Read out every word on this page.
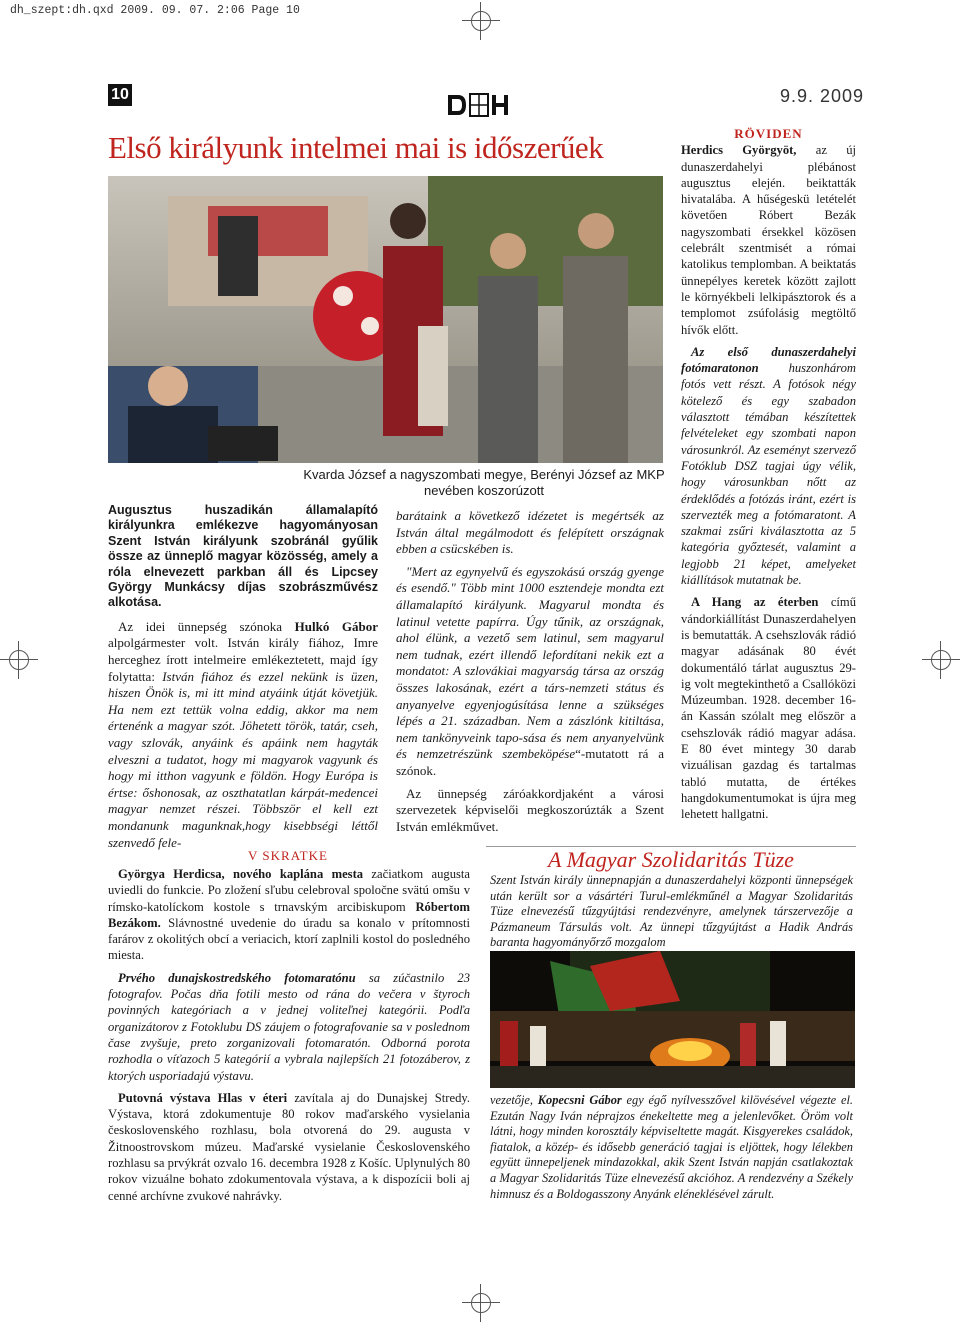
dh_szept:dh.qxd 2009. 09. 07. 2:06 Page 10
10	9.9. 2009
Első királyunk intelmei mai is időszerűek
Kvarda József a nagyszombati megye, Berényi József az MKP nevében koszorúzott
Augusztus huszadikán államalapító királyunkra emlékezve hagyományosan Szent István királyunk szobránál gyűlik össze az ünneplő magyar közösség, amely a róla elnevezett parkban áll és Lipcsey György Munkácsy díjas szobrászművész alkotása.

Az idei ünnepség szónoka Hulkó Gábor alpolgármester volt. István király fiához, Imre herceghez írott intelmeire emlékeztetett, majd így folytatta: István fiához és ezzel nekünk is üzen, hiszen Önök is, mi itt mind atyáink útját követjük. Ha nem ezt tettük volna eddig, akkor ma nem értenénk a magyar szót. Jöhetett török, tatár, cseh, vagy szlovák, anyáink és apáink nem hagyták elveszni a tudatot, hogy mi magyarok vagyunk és hogy mi itthon vagyunk e földön. Hogy Európa is értse: őshonosak, az oszthatatlan kárpát-medencei magyar nemzet részei. Többször el kell ezt mondanunk magunknak,hogy kisebbségi léttől szenvedő fele-

barátaink a következő idézetet is megértsék az István által megálmodott és felépített országnak ebben a csücskében is.

"Mert az egynyelvű és egyszokású ország gyenge és esendő." Több mint 1000 esztendeje mondta ezt államalapító királyunk. Magyarul mondta és latinul vetette papírra. Úgy tűnik, az országnak, ahol élünk, a vezető sem latinul, sem magyarul nem tudnak, ezért illendő lefordítani nekik ezt a mondatot: A szlovákiai magyarság társa az ország összes lakosának, ezért a társ-nemzeti státus és anyanyelve egyenjogúsítása lenne a szükséges lépés a 21. században. Nem a zászlónk kitiltása, nem tankönyveink tapo-sása és nem anyanyelvünk és nemzetrészünk szembeköpése“-mutatott rá a szónok.

Az ünnepség záróakkordjaként a városi szervezetek képviselői megkoszorúzták a Szent István emlékművet.

RÖVIDEN

Herdics Györgyöt, az új dunaszerdahelyi plébánost augusztus elején. beiktatták hivatalába. A hűségeskü letételét követően Róbert Bezák nagyszombati érsekkel közösen celebrált szentmisét a római katolikus templomban. A beiktatás ünnepélyes keretek között zajlott le környékbeli lelkipásztorok és a templomot zsúfolásig megtöltő hívők előtt.

Az első dunaszerdahelyi fotómaratonon huszonhárom fotós vett részt. A fotósok négy kötelező és egy szabadon választott témában készítettek felvételeket egy szombati napon városunkról. Az eseményt szervező Fotóklub DSZ tagjai úgy vélik, hogy városunkban nőtt az érdeklődés a fotózás iránt, ezért is szervezték meg a fotómaratont. A szakmai zsűri kiválasztotta az 5 kategória győztesét, valamint a legjobb 21 képet, amelyeket kiállítások mutatnak be.

A Hang az éterben című vándorkiállítást Dunaszerdahelyen is bemutatták. A csehszlovák rádió magyar adásának 80 évét dokumentáló tárlat augusztus 29-ig volt megtekinthető a Csallóközi Múzeumban. 1928. december 16-án Kassán szólalt meg először a csehszlovák rádió magyar adása. E 80 évet mintegy 30 darab vizuálisan gazdag és tartalmas tabló mutatta, de értékes hangdokumentumokat is újra meg lehetett hallgatni.

V SKRATKE

Györgya Herdicsa, nového kaplána mesta začiatkom augusta uviedli do funkcie. Po zložení sľubu celebroval spoločne svätú omšu v rímsko-katolíckom kostole s trnavským arcibiskupom Róbertom Bezákom. Slávnostné uvedenie do úradu sa konalo v prítomnosti farárov z okolitých obcí a veriacich, ktorí zaplnili kostol do posledného miesta.

Prvého dunajskostredského fotomaratónu sa zúčastnilo 23 fotografov. Počas dňa fotili mesto od rána do večera v štyroch povinných kategóriach a v jednej voliteľnej kategórii. Podľa organizátorov z Fotoklubu DS záujem o fotografovanie sa v poslednom čase zvyšuje, preto zorganizovali fotomaratón. Odborná porota rozhodla o víťazoch 5 kategórií a vybrala najlepších 21 fotozáberov, z ktorých usporiadajú výstavu.

Putovná výstava Hlas v éteri zavítala aj do Dunajskej Stredy. Výstava, ktorá zdokumentuje 80 rokov maďarského vysielania československého rozhlasu, bola otvorená do 29. augusta v Žitnoostrovskom múzeu. Maďarské vysielanie Československého rozhlasu sa prvýkrát ozvalo 16. decembra 1928 z Košíc. Uplynulých 80 rokov vizuálne bohato zdokumentovala výstava, a k dispozícii boli aj cenné archívne zvukové nahrávky.

A Magyar Szolidaritás Tüze
Szent István király ünnepnapján a dunaszerdahelyi központi ünnepségek után került sor a vásártéri Turul-emlékműnél a Magyar Szolidaritás Tüze elnevezésű tűzgyújtási rendezvényre, amelynek társzervezője a Pázmaneum Társulás volt. Az ünnepi tűzgyújtást a Hadik András baranta hagyományőrző mozgalom
vezetője, Kopecsni Gábor egy égő nyílvesszővel kilövésével végezte el. Ezután Nagy Iván néprajzos énekeltette meg a jelenlevőket. Öröm volt látni, hogy minden korosztály képviseltette magát. Kisgyerekes családok, fiatalok, a közép- és idősebb generáció tagjai is eljöttek, hogy lélekben együtt ünnepeljenek mindazokkal, akik Szent István napján csatlakoztak a Magyar Szolidaritás Tüze elnevezésű akcióhoz. A rendezvény a Székely himnusz és a Boldogasszony Anyánk eléneklésével zárult.
